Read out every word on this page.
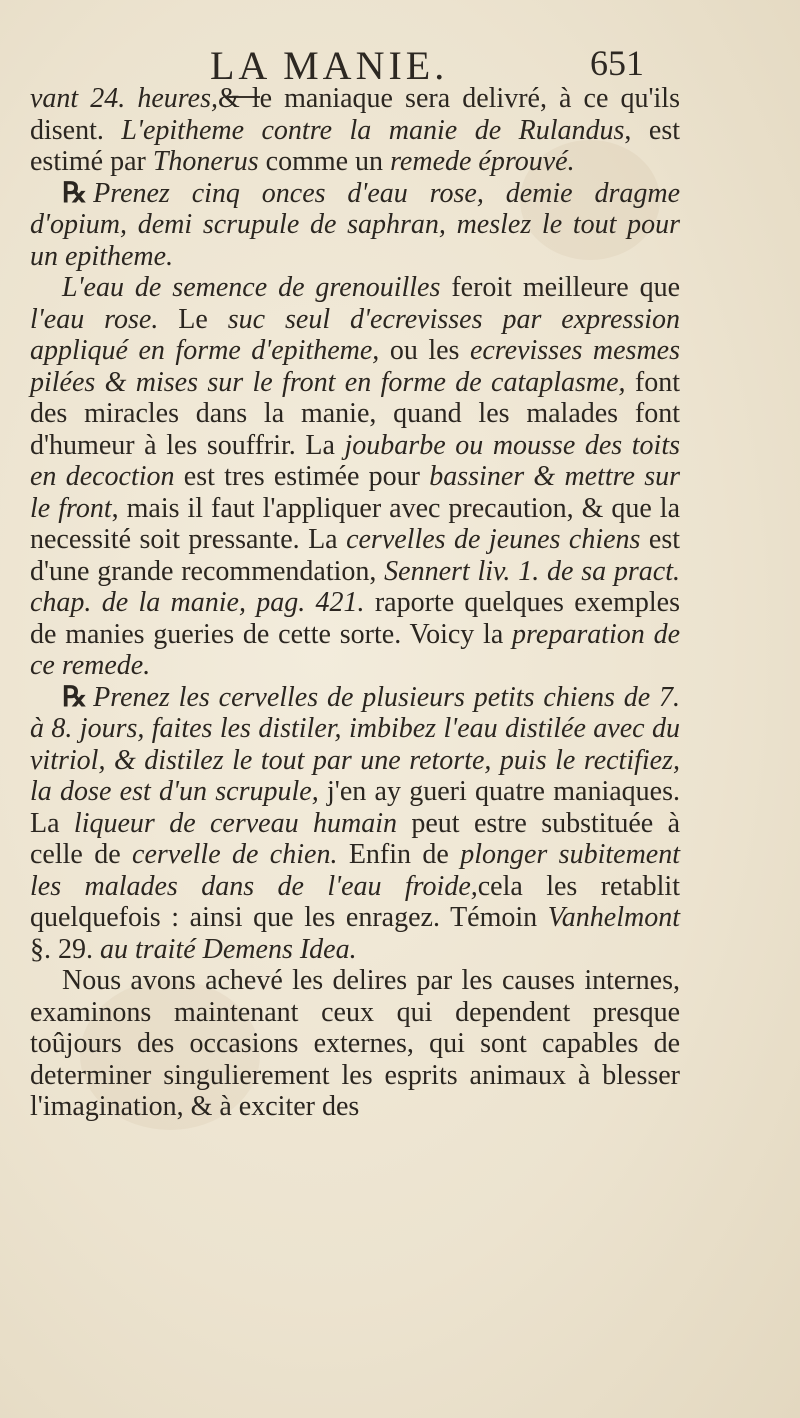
LA MANIE.	651

vant 24. heures,& le maniaque sera delivré, à ce qu'ils disent. L'epitheme contre la manie de Rulandus, est estimé par Thonerus comme un remede éprouvé.

℞ Prenez cinq onces d'eau rose, demie dragme d'opium, demi scrupule de saphran, meslez le tout pour un epitheme.

L'eau de semence de grenouilles feroit meilleure que l'eau rose. Le suc seul d'ecrevisses par expression appliqué en forme d'epitheme, ou les ecrevisses mesmes pilées & mises sur le front en forme de cataplasme, font des miracles dans la manie, quand les malades font d'humeur à les souffrir. La joubarbe ou mousse des toits en decoction est tres estimée pour bassiner & mettre sur le front, mais il faut l'appliquer avec precaution, & que la necessité soit pressante. La cervelles de jeunes chiens est d'une grande recommendation, Sennert liv. 1. de sa pract. chap. de la manie, pag. 421. raporte quelques exemples de manies gueries de cette sorte. Voicy la preparation de ce remede.

℞ Prenez les cervelles de plusieurs petits chiens de 7. à 8. jours, faites les distiler, imbibez l'eau distilée avec du vitriol, & distilez le tout par une retorte, puis le rectifiez, la dose est d'un scrupule, j'en ay gueri quatre maniaques. La liqueur de cerveau humain peut estre substituée à celle de cervelle de chien. Enfin de plonger subitement les malades dans de l'eau froide,cela les retablit quelquefois : ainsi que les enragez. Témoin Vanhelmont §. 29. au traité Demens Idea.

Nous avons achevé les delires par les causes internes, examinons maintenant ceux qui dependent presque toûjours des occasions externes, qui sont capables de determiner singulierement les esprits animaux à blesser l'imagination, & à exciter des
